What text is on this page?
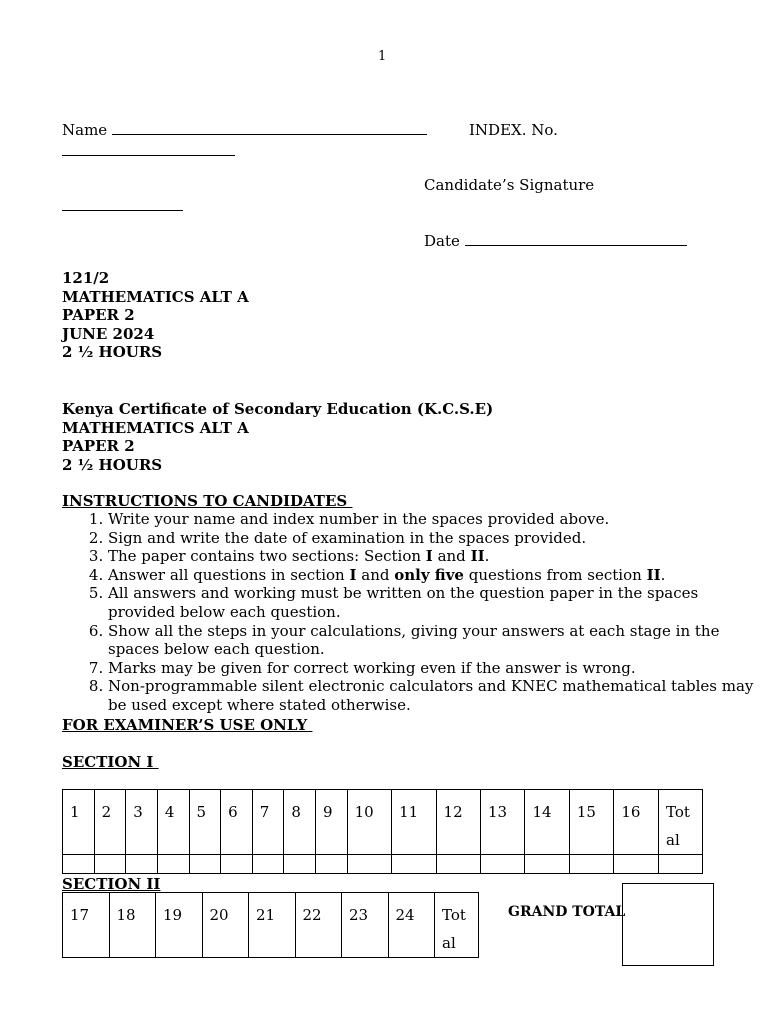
1
Name	INDEX. No.
Candidate’s Signature
Date
121/2
MATHEMATICS ALT A
PAPER 2
JUNE 2024
2 ½ HOURS
Kenya Certificate of Secondary Education (K.C.S.E)
MATHEMATICS ALT A
PAPER 2
2 ½ HOURS
INSTRUCTIONS TO CANDIDATES
1. Write your name and index number in the spaces provided above.
2. Sign and write the date of examination in the spaces provided.
3. The paper contains two sections: Section I and II.
4. Answer all questions in section I and only five questions from section II.
5. All answers and working must be written on the question paper in the spaces provided below each question.
6. Show all the steps in your calculations, giving your answers at each stage in the spaces below each question.
7. Marks may be given for correct working even if the answer is wrong.
8. Non-programmable silent electronic calculators and KNEC mathematical tables may be used except where stated otherwise.
FOR EXAMINER’S USE ONLY
SECTION I
1	2	3	4	5	6	7	8	9	10	11	12	13	14	15	16	Total

SECTION II
17	18	19	20	21	22	23	24	Total
GRAND TOTAL
